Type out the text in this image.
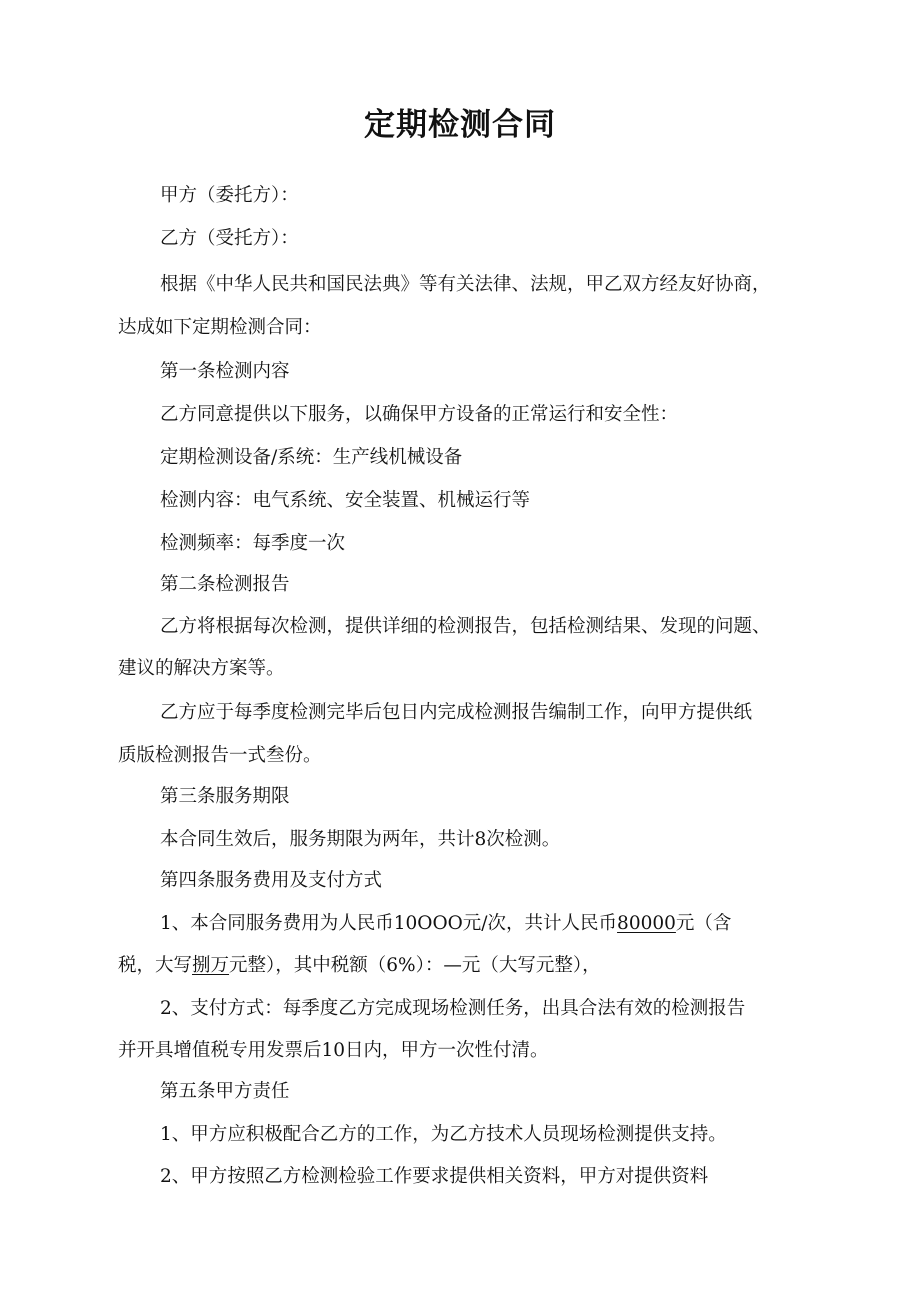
定期检测合同

甲方（委托方）：

乙方（受托方）：

根据《中华人民共和国民法典》等有关法律、法规，甲乙双方经友好协商，

达成如下定期检测合同：

第一条检测内容

乙方同意提供以下服务，以确保甲方设备的正常运行和安全性：

定期检测设备/系统：生产线机械设备

检测内容：电气系统、安全装置、机械运行等

检测频率：每季度一次

第二条检测报告

乙方将根据每次检测，提供详细的检测报告，包括检测结果、发现的问题、

建议的解决方案等。

乙方应于每季度检测完毕后包日内完成检测报告编制工作，向甲方提供纸

质版检测报告一式叁份。

第三条服务期限

本合同生效后，服务期限为两年，共计8次检测。

第四条服务费用及支付方式

1、本合同服务费用为人民币10OOO元/次，共计人民币80000元（含

税，大写捌万元整），其中税额（6%）：—元（大写元整），

2、支付方式：每季度乙方完成现场检测任务，出具合法有效的检测报告

并开具增值税专用发票后10日内，甲方一次性付清。

第五条甲方责任

1、甲方应积极配合乙方的工作，为乙方技术人员现场检测提供支持。

2、甲方按照乙方检测检验工作要求提供相关资料，甲方对提供资料
